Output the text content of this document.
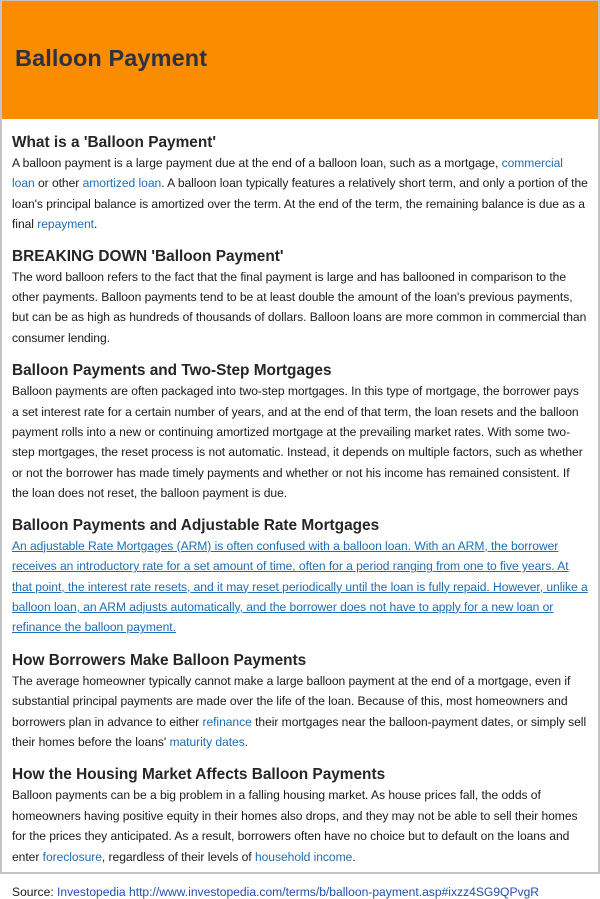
Balloon Payment
What is a 'Balloon Payment'

A balloon payment is a large payment due at the end of a balloon loan, such as a mortgage, commercial loan or other amortized loan. A balloon loan typically features a relatively short term, and only a portion of the loan's principal balance is amortized over the term. At the end of the term, the remaining balance is due as a final repayment.

BREAKING DOWN 'Balloon Payment'

The word balloon refers to the fact that the final payment is large and has ballooned in comparison to the other payments. Balloon payments tend to be at least double the amount of the loan's previous payments, but can be as high as hundreds of thousands of dollars. Balloon loans are more common in commercial than consumer lending.

Balloon Payments and Two-Step Mortgages

Balloon payments are often packaged into two-step mortgages. In this type of mortgage, the borrower pays a set interest rate for a certain number of years, and at the end of that term, the loan resets and the balloon payment rolls into a new or continuing amortized mortgage at the prevailing market rates. With some two-step mortgages, the reset process is not automatic. Instead, it depends on multiple factors, such as whether or not the borrower has made timely payments and whether or not his income has remained consistent. If the loan does not reset, the balloon payment is due.

Balloon Payments and Adjustable Rate Mortgages

An adjustable Rate Mortgages (ARM) is often confused with a balloon loan. With an ARM, the borrower receives an introductory rate for a set amount of time, often for a period ranging from one to five years. At that point, the interest rate resets, and it may reset periodically until the loan is fully repaid. However, unlike a balloon loan, an ARM adjusts automatically, and the borrower does not have to apply for a new loan or refinance the balloon payment.

How Borrowers Make Balloon Payments

The average homeowner typically cannot make a large balloon payment at the end of a mortgage, even if substantial principal payments are made over the life of the loan. Because of this, most homeowners and borrowers plan in advance to either refinance their mortgages near the balloon-payment dates, or simply sell their homes before the loans' maturity dates.

How the Housing Market Affects Balloon Payments

Balloon payments can be a big problem in a falling housing market. As house prices fall, the odds of homeowners having positive equity in their homes also drops, and they may not be able to sell their homes for the prices they anticipated. As a result, borrowers often have no choice but to default on the loans and enter foreclosure, regardless of their levels of household income.

Source: Investopedia http://www.investopedia.com/terms/b/balloon-payment.asp#ixzz4SG9QPvgR
